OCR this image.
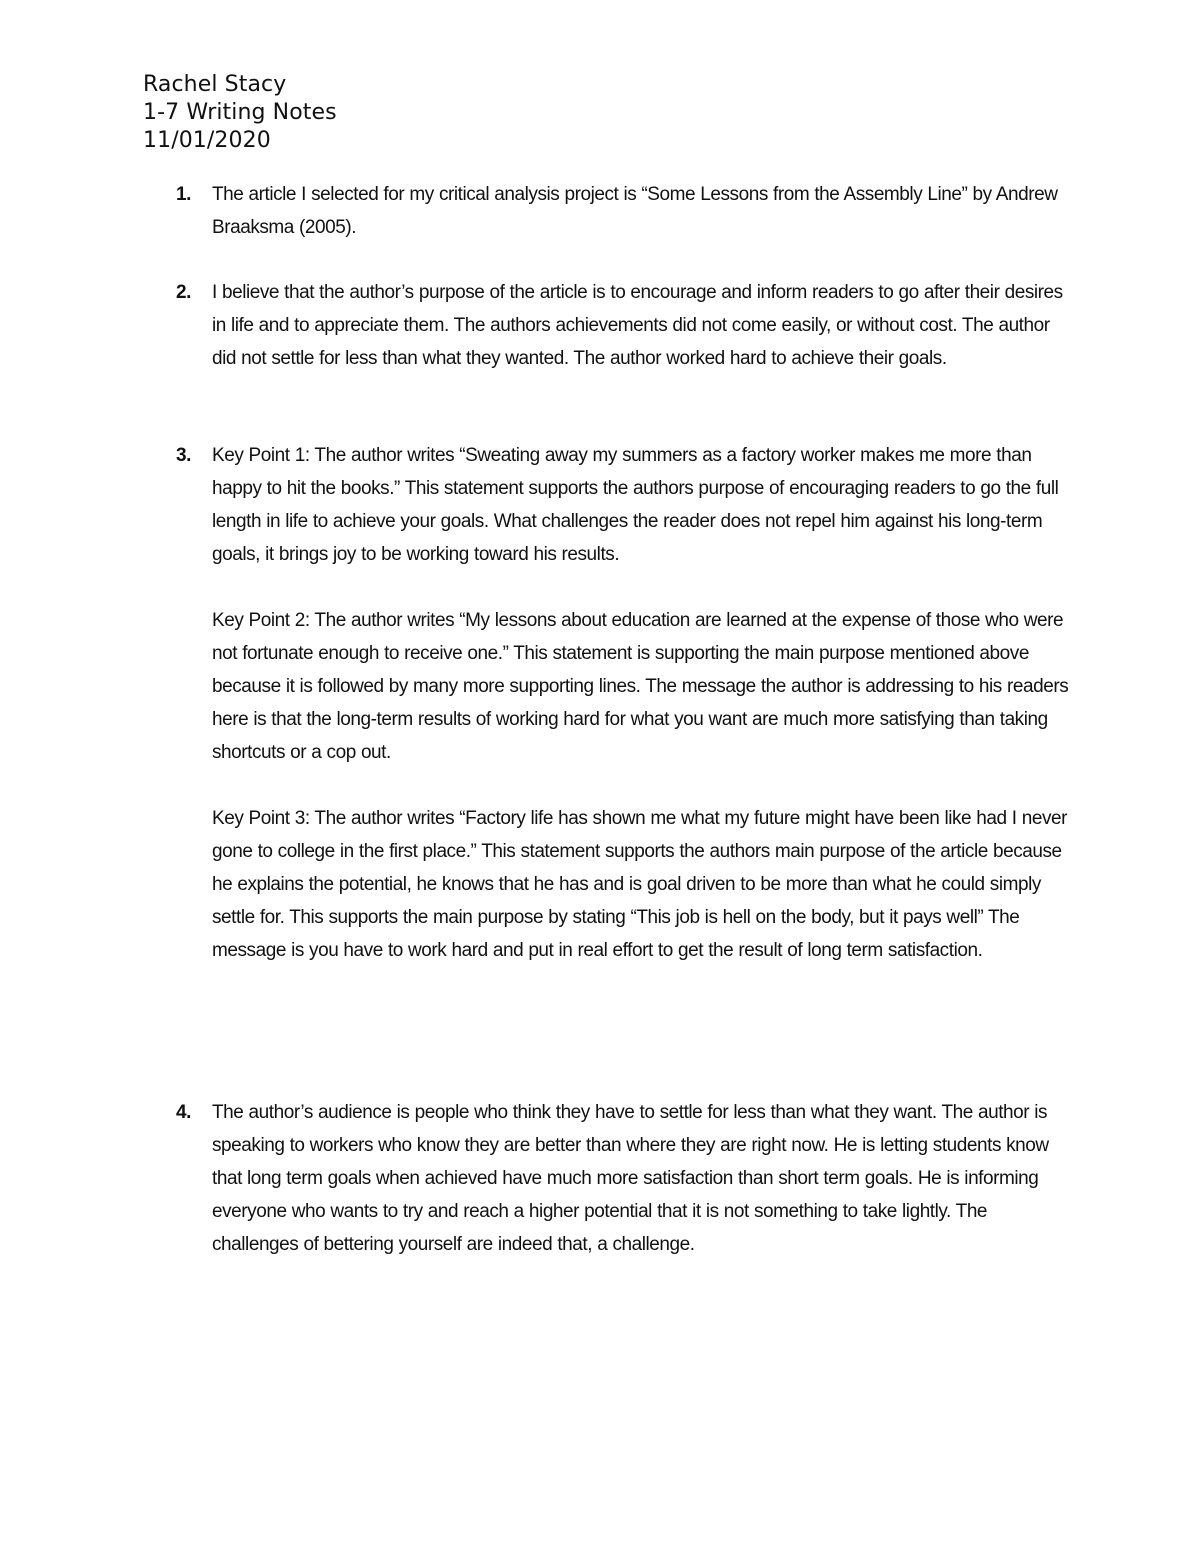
Rachel Stacy
1-7 Writing Notes
11/01/2020
1. The article I selected for my critical analysis project is “Some Lessons from the Assembly Line” by Andrew Braaksma (2005).

2. I believe that the author’s purpose of the article is to encourage and inform readers to go after their desires in life and to appreciate them. The authors achievements did not come easily, or without cost. The author did not settle for less than what they wanted. The author worked hard to achieve their goals.

3. Key Point 1: The author writes “Sweating away my summers as a factory worker makes me more than happy to hit the books.” This statement supports the authors purpose of encouraging readers to go the full length in life to achieve your goals. What challenges the reader does not repel him against his long-term goals, it brings joy to be working toward his results.

Key Point 2: The author writes “My lessons about education are learned at the expense of those who were not fortunate enough to receive one.” This statement is supporting the main purpose mentioned above because it is followed by many more supporting lines. The message the author is addressing to his readers here is that the long-term results of working hard for what you want are much more satisfying than taking shortcuts or a cop out.

Key Point 3: The author writes “Factory life has shown me what my future might have been like had I never gone to college in the first place.” This statement supports the authors main purpose of the article because he explains the potential, he knows that he has and is goal driven to be more than what he could simply settle for. This supports the main purpose by stating “This job is hell on the body, but it pays well” The message is you have to work hard and put in real effort to get the result of long term satisfaction.

4. The author’s audience is people who think they have to settle for less than what they want. The author is speaking to workers who know they are better than where they are right now. He is letting students know that long term goals when achieved have much more satisfaction than short term goals. He is informing everyone who wants to try and reach a higher potential that it is not something to take lightly. The challenges of bettering yourself are indeed that, a challenge.
